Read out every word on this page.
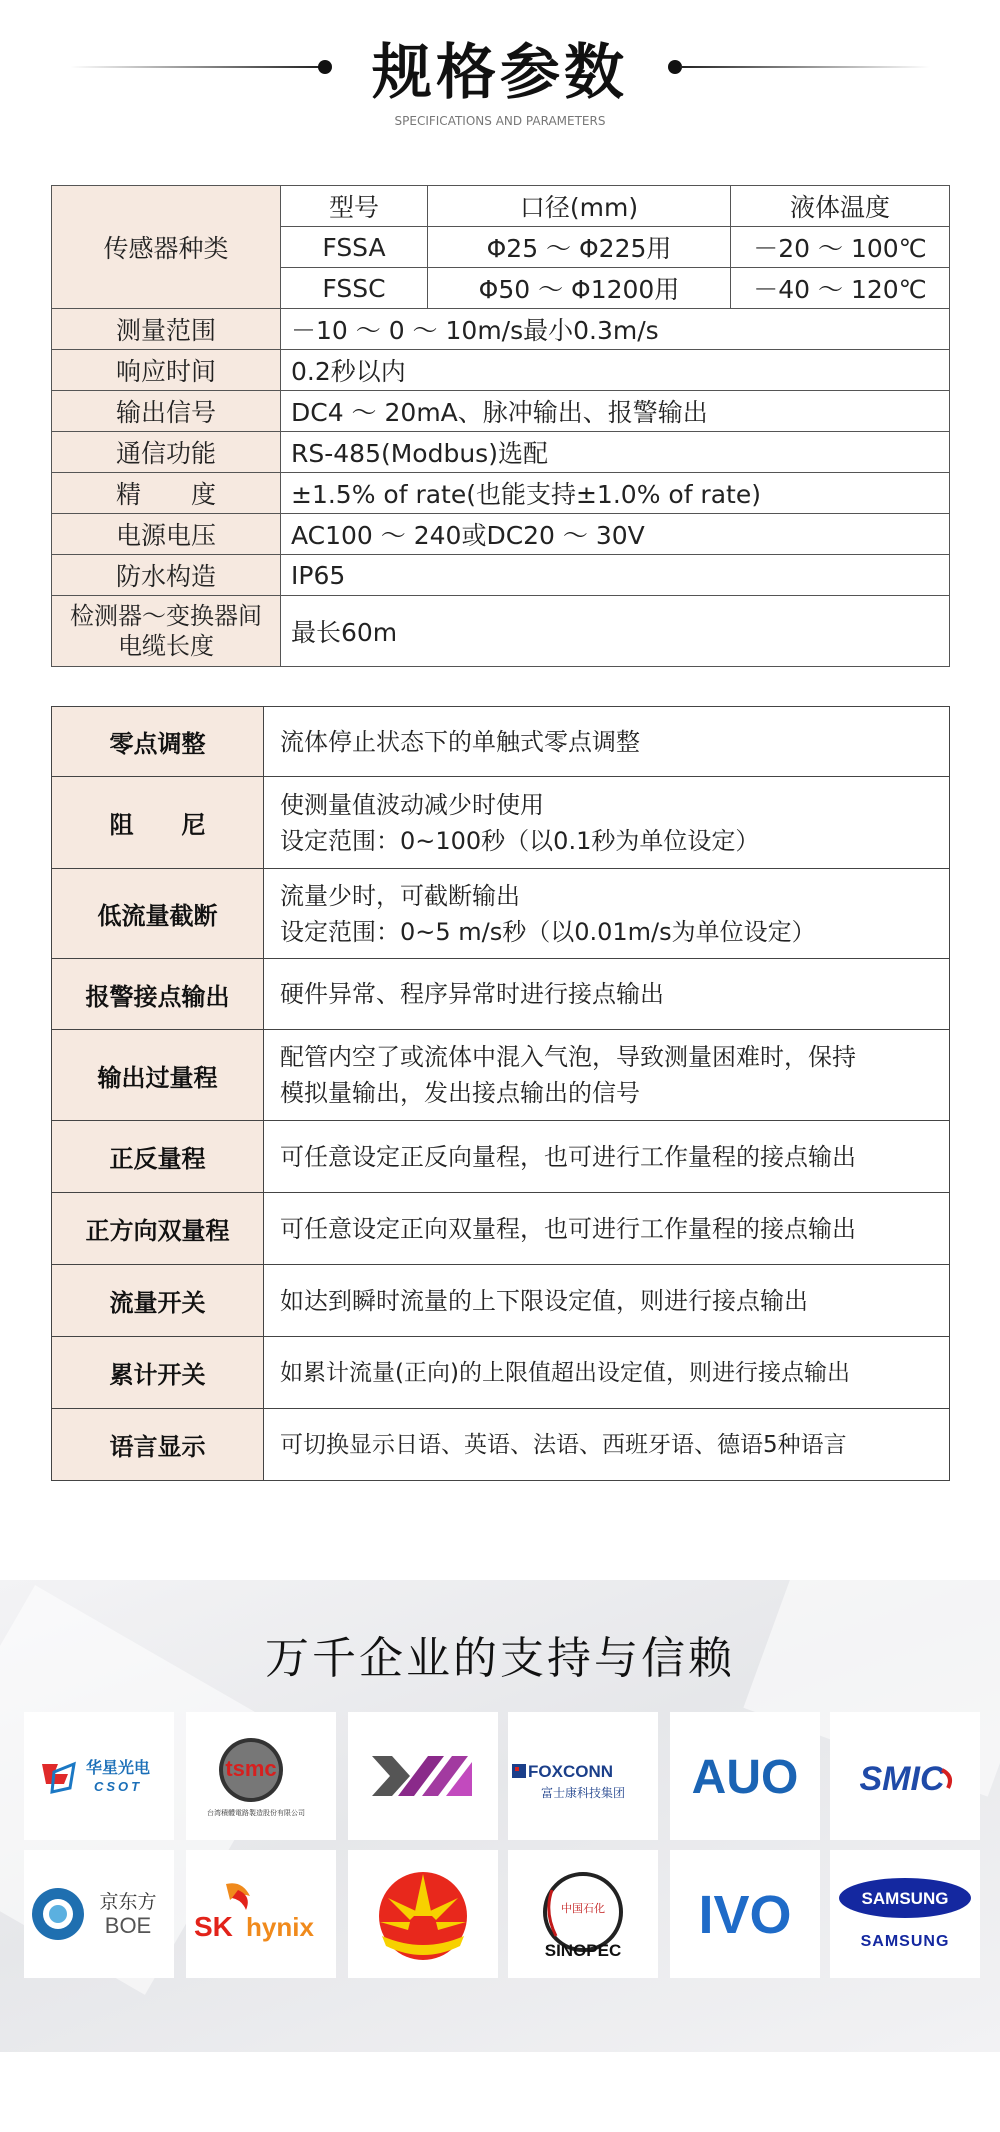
规格参数
SPECIFICATIONS AND PARAMETERS
传感器种类	型号	口径(mm)	液体温度
	FSSA	Φ25 ～ Φ225用	－20 ～ 100℃
	FSSC	Φ50 ～ Φ1200用	－40 ～ 120℃
测量范围	－10 ～ 0 ～ 10m/s最小0.3m/s		
响应时间	0.2秒以内		
输出信号	DC4 ～ 20mA、脉冲输出、报警输出		
通信功能	RS-485(Modbus)选配		
精　　度	±1.5% of rate(也能支持±1.0% of rate)		
电源电压	AC100 ～ 240或DC20 ～ 30V		
防水构造	IP65		

检测器～变换器间
电缆长度	最长60m		
零点调整	流体停止状态下的单触式零点调整

阻　　尼	使测量值波动减少时使用
设定范围：0~100秒（以0.1秒为单位设定）

低流量截断	流量少时，可截断输出
设定范围：0~5 m/s秒（以0.01m/s为单位设定）

报警接点输出	硬件异常、程序异常时进行接点输出

输出过量程	配管内空了或流体中混入气泡，导致测量困难时，保持
模拟量输出，发出接点输出的信号

正反量程	可任意设定正反向量程，也可进行工作量程的接点输出

正方向双量程	可任意设定正向双量程，也可进行工作量程的接点输出

流量开关	如达到瞬时流量的上下限设定值，则进行接点输出

累计开关	如累计流量(正向)的上限值超出设定值，则进行接点输出

语言显示	可切换显示日语、英语、法语、西班牙语、德语5种语言
万千企业的支持与信赖
华星光电
CSOT
tsmc
台湾積體電路製造股份有限公司
FOXCONN
富士康科技集团 AUO SMIC
京东方
BOE SK hynix
中国石化
SINOPEC
IVO	SAMSUNG
SAMSUNG
